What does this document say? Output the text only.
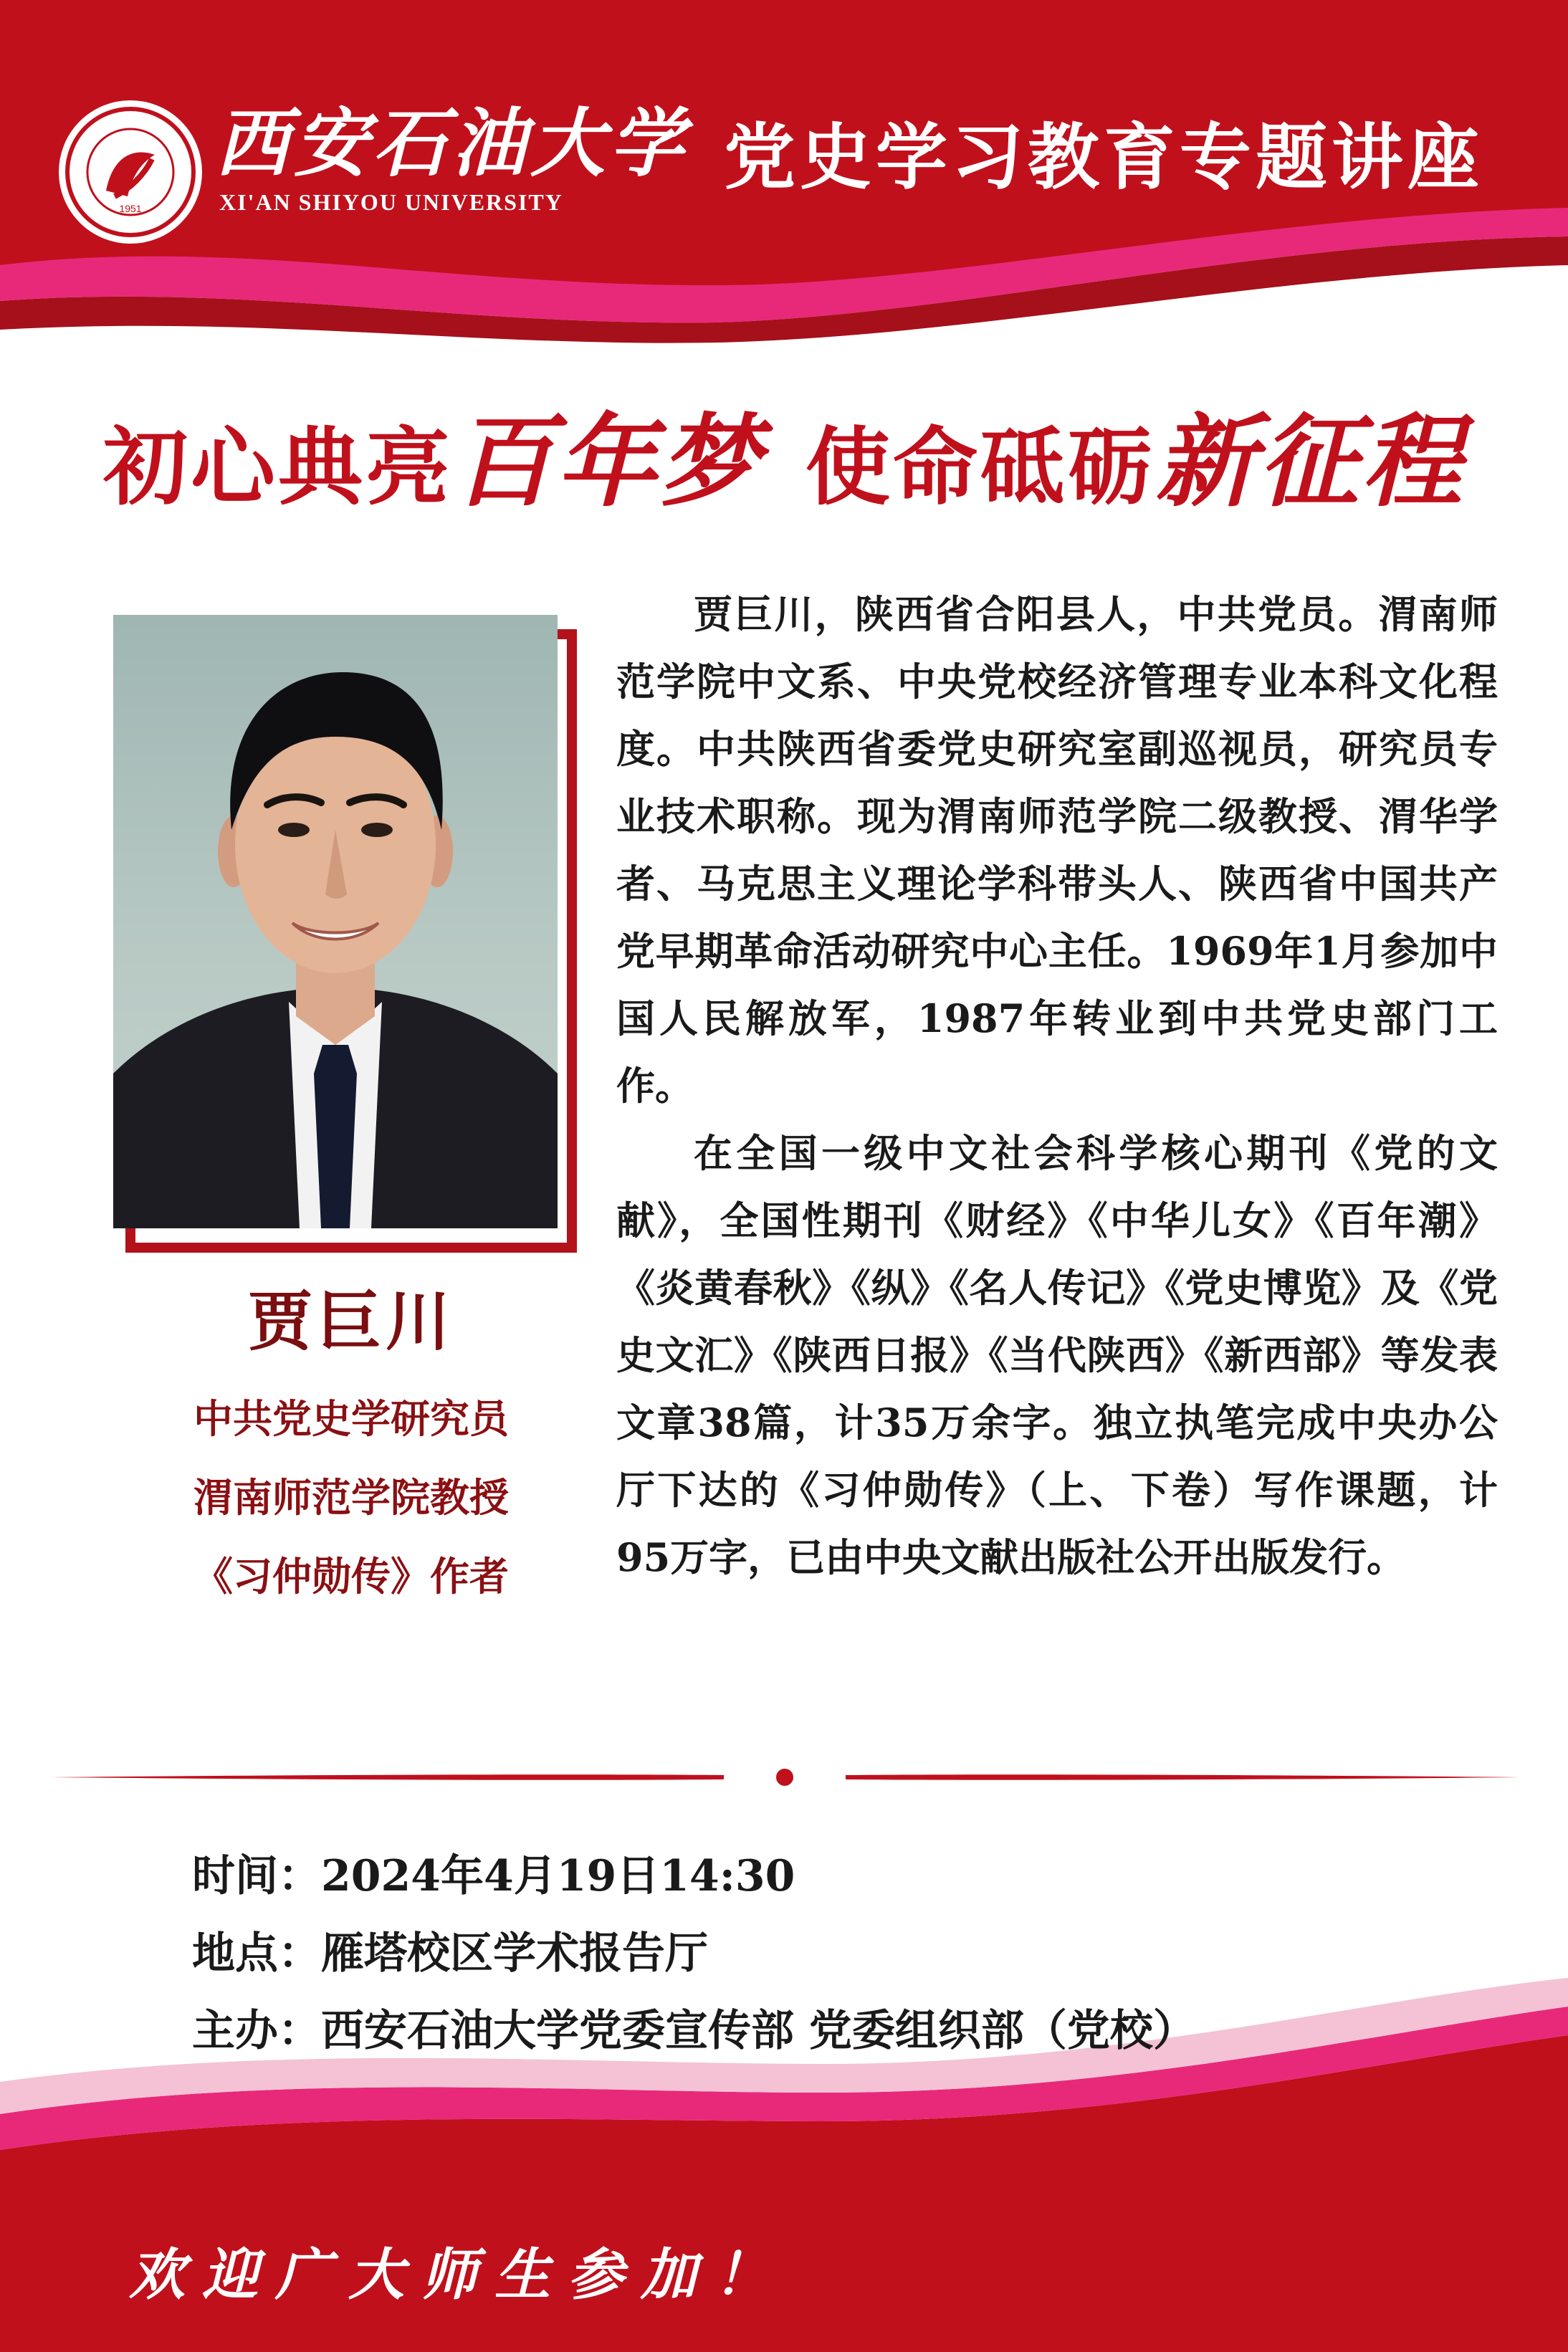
1951
西安石油大学
XI'AN SHIYOU UNIVERSITY
党史学习教育专题讲座
初心典亮百年梦 使命砥砺新征程
贾巨川
中共党史学研究员
渭南师范学院教授
《习仲勋传》作者

贾巨川，陕西省合阳县人，中共党员。渭南师范学院中文系、中央党校经济管理专业本科文化程度。中共陕西省委党史研究室副巡视员，研究员专业技术职称。现为渭南师范学院二级教授、渭华学者、马克思主义理论学科带头人、陕西省中国共产党早期革命活动研究中心主任。1969年1月参加中国人民解放军，1987年转业到中共党史部门工作。

在全国一级中文社会科学核心期刊《党的文献》，全国性期刊《财经》《中华儿女》《百年潮》《炎黄春秋》《纵》《名人传记》《党史博览》及《党史文汇》《陕西日报》《当代陕西》《新西部》等发表文章38篇，计35万余字。独立执笔完成中央办公厅下达的《习仲勋传》（上、下卷）写作课题，计95万字，已由中央文献出版社公开出版发行。

时间：2024年4月19日14:30
地点：雁塔校区学术报告厅
主办：西安石油大学党委宣传部 党委组织部（党校）
欢迎广大师生参加！
